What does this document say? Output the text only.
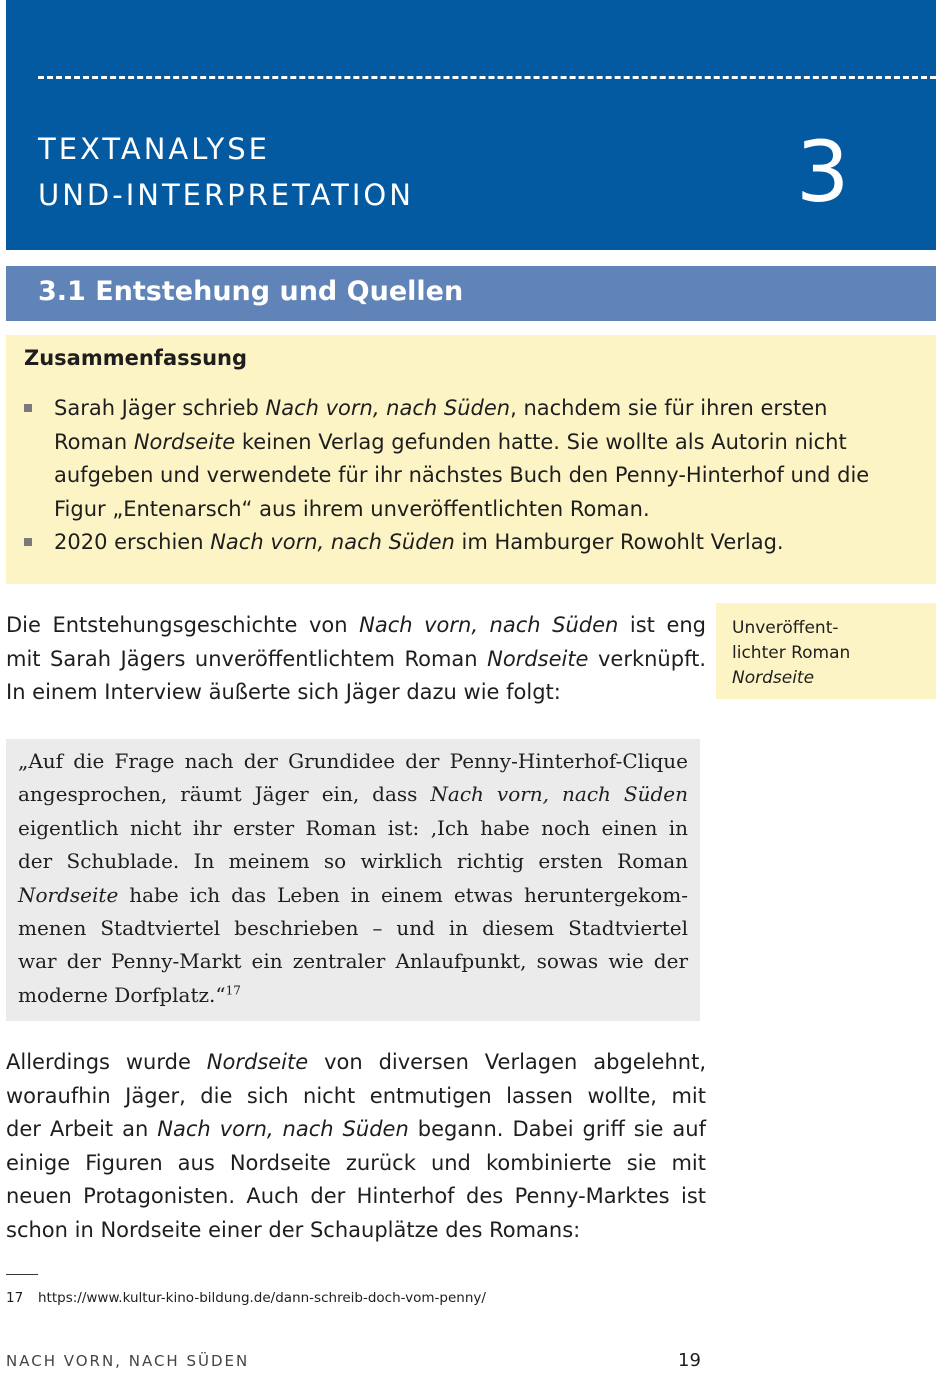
TEXTANALYSE
UND-INTERPRETATION	3
3.1 Entstehung und Quellen
Zusammenfassung
Sarah Jäger schrieb Nach vorn, nach Süden, nachdem sie für ihren ersten
Roman Nordseite keinen Verlag gefunden hatte. Sie wollte als Autorin nicht
aufgeben und verwendete für ihr nächstes Buch den Penny-Hinterhof und die
Figur „Entenarsch“ aus ihrem unveröffentlichten Roman.
2020 erschien Nach vorn, nach Süden im Hamburger Rowohlt Verlag.
Die Entstehungsgeschichte von Nach vorn, nach Süden ist eng
mit Sarah Jägers unveröffentlichtem Roman Nordseite verknüpft.
In einem Interview äußerte sich Jäger dazu wie folgt:
Unveröffent-
lichter Roman
Nordseite
„Auf die Frage nach der Grundidee der Penny-Hinterhof-Clique
angesprochen, räumt Jäger ein, dass Nach vorn, nach Süden
eigentlich nicht ihr erster Roman ist: ‚Ich habe noch einen in
der Schublade. In meinem so wirklich richtig ersten Roman
Nordseite habe ich das Leben in einem etwas heruntergekom-
menen Stadtviertel beschrieben – und in diesem Stadtviertel
war der Penny-Markt ein zentraler Anlaufpunkt, sowas wie der
moderne Dorfplatz.“$^{17}$
Allerdings wurde Nordseite von diversen Verlagen abgelehnt,
woraufhin Jäger, die sich nicht entmutigen lassen wollte, mit
der Arbeit an Nach vorn, nach Süden begann. Dabei griff sie auf
einige Figuren aus Nordseite zurück und kombinierte sie mit
neuen Protagonisten. Auch der Hinterhof des Penny-Marktes ist
schon in Nordseite einer der Schauplätze des Romans:
17 https://www.kultur-kino-bildung.de/dann-schreib-doch-vom-penny/
NACH VORN, NACH SÜDEN	19
